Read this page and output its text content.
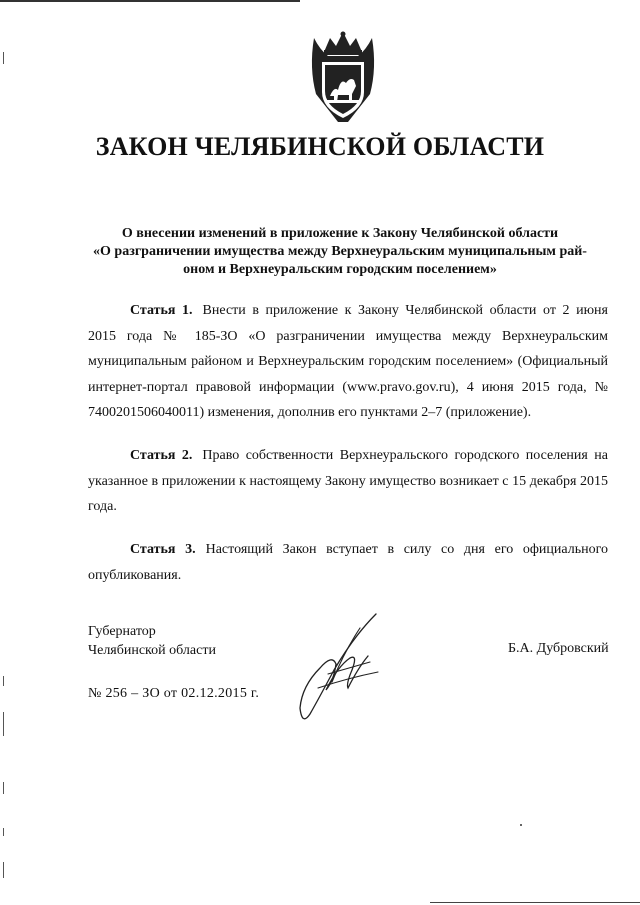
ЗАКОН ЧЕЛЯБИНСКОЙ ОБЛАСТИ
О внесении изменений в приложение к Закону Челябинской области
«О разграничении имущества между Верхнеуральским муниципальным рай-
оном и Верхнеуральским городским поселением»
Статья 1. Внести в приложение к Закону Челябинской области от 2 июня 2015 года № 185-ЗО «О разграничении имущества между Верхнеуральским муниципальным районом и Верхнеуральским городским поселением» (Официальный интернет-портал правовой информации (www.pravo.gov.ru), 4 июня 2015 года, № 7400201506040011) изменения, дополнив его пунктами 2–7 (приложение).
Статья 2. Право собственности Верхнеуральского городского поселения на указанное в приложении к настоящему Закону имущество возникает с 15 декабря 2015 года.
Статья 3. Настоящий Закон вступает в силу со дня его официального опубликования.
Губернатор
Челябинской области	Б.А. Дубровский
№ 256 – ЗО от 02.12.2015 г.
